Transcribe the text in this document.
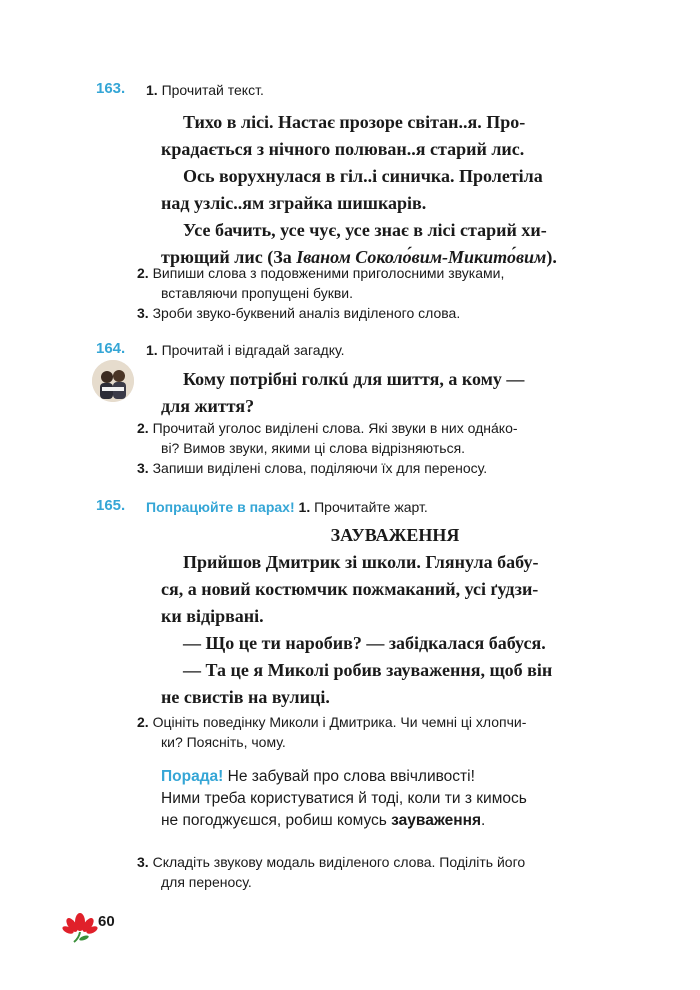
163. 1. Прочитай текст.
Тихо в лісі. Настає прозоре світан..я. Про-
крадається з нічного полюван..я старий лис.
Ось ворухнулася в гіл..і синичка. Пролетіла
над узліс..ям зграйка шишкарів.
Усе бачить, усе чує, усе знає в лісі старий хи-
трющий лис (За Іваном Соколо́вим-Микито́вим).
2. Випиши слова з подовженими приголосними звуками,
вставляючи пропущені букви.
3. Зроби звуко-буквений аналіз виділеного слова.
164. 1. Прочитай і відгадай загадку.
Кому потрібні голкú для шиття, а кому —
для життя?
2. Прочитай уголос виділені слова. Які звуки в них одна́ко-
ві? Вимов звуки, якими ці слова відрізняються.
3. Запиши виділені слова, поділяючи їх для переносу.
165. Попрацюйте в парах! 1. Прочитайте жарт.
ЗАУВАЖЕННЯ
Прийшов Дмитрик зі школи. Глянула бабу-
ся, а новий костюмчик пожмаканий, усі ґудзи-
ки відірвані.
— Що це ти наробив? — забідкалася бабуся.
— Та це я Миколі робив зауваження, щоб він
не свистів на вулиці.
2. Оцініть поведінку Миколи і Дмитрика. Чи чемні ці хлопчи-
ки? Поясніть, чому.
Порада! Не забувай про слова ввічливості!
Ними треба користуватися й тоді, коли ти з кимось
не погоджуєшся, робиш комусь зауваження.
3. Складіть звукову модаль виділеного слова. Поділіть його
для переносу.
60
